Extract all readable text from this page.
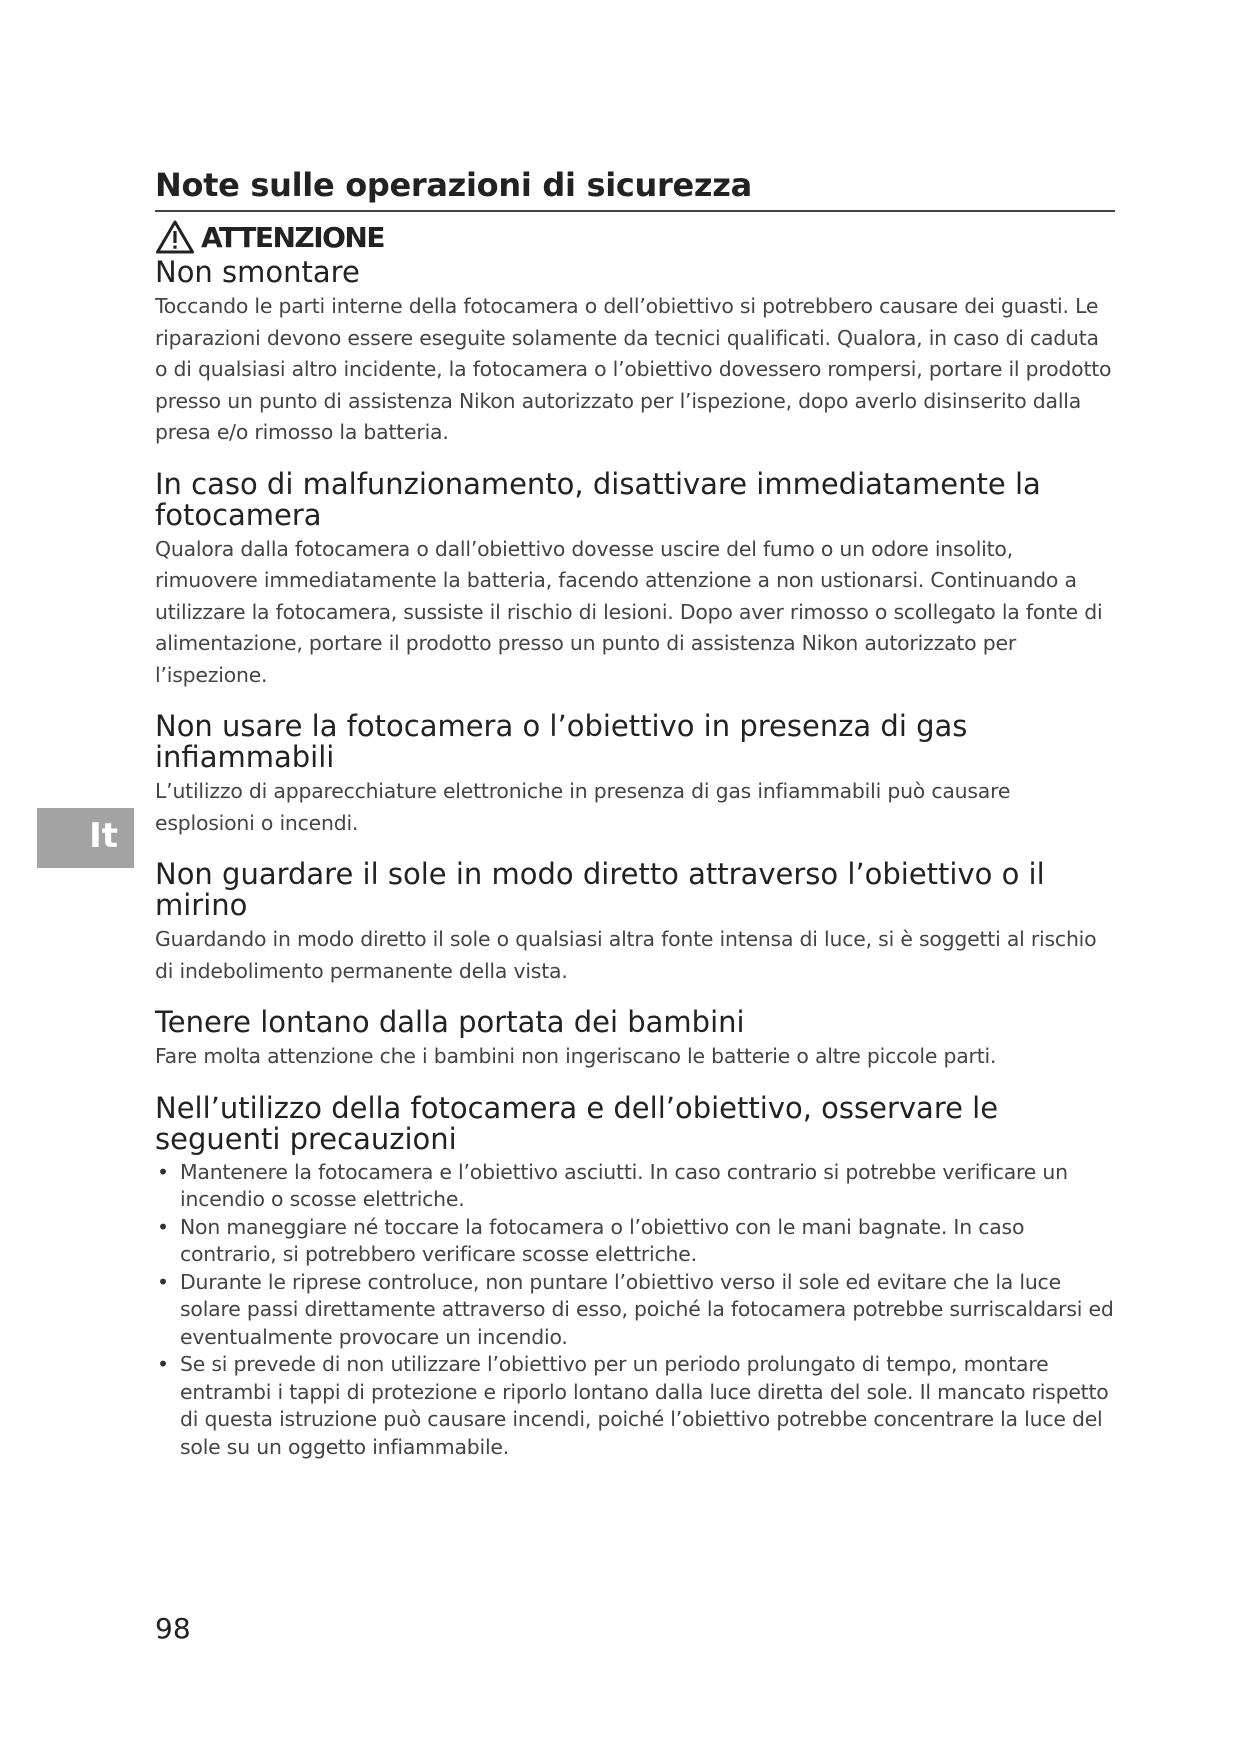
Note sulle operazioni di sicurezza
ATTENZIONE
Non smontare

Toccando le parti interne della fotocamera o dell’obiettivo si potrebbero causare dei guasti. Le riparazioni devono essere eseguite solamente da tecnici qualificati. Qualora, in caso di caduta o di qualsiasi altro incidente, la fotocamera o l’obiettivo dovessero rompersi, portare il prodotto presso un punto di assistenza Nikon autorizzato per l’ispezione, dopo averlo disinserito dalla presa e/o rimosso la batteria.

In caso di malfunzionamento, disattivare immediatamente la fotocamera

Qualora dalla fotocamera o dall’obiettivo dovesse uscire del fumo o un odore insolito, rimuovere immediatamente la batteria, facendo attenzione a non ustionarsi. Continuando a utilizzare la fotocamera, sussiste il rischio di lesioni. Dopo aver rimosso o scollegato la fonte di alimentazione, portare il prodotto presso un punto di assistenza Nikon autorizzato per l’ispezione.

Non usare la fotocamera o l’obiettivo in presenza di gas infiammabili

L’utilizzo di apparecchiature elettroniche in presenza di gas infiammabili può causare esplosioni o incendi.

Non guardare il sole in modo diretto attraverso l’obiettivo o il mirino

Guardando in modo diretto il sole o qualsiasi altra fonte intensa di luce, si è soggetti al rischio di indebolimento permanente della vista.

Tenere lontano dalla portata dei bambini

Fare molta attenzione che i bambini non ingeriscano le batterie o altre piccole parti.

Nell’utilizzo della fotocamera e dell’obiettivo, osservare le seguenti precauzioni
• Mantenere la fotocamera e l’obiettivo asciutti. In caso contrario si potrebbe verificare un incendio o scosse elettriche.
• Non maneggiare né toccare la fotocamera o l’obiettivo con le mani bagnate. In caso contrario, si potrebbero verificare scosse elettriche.
• Durante le riprese controluce, non puntare l’obiettivo verso il sole ed evitare che la luce solare passi direttamente attraverso di esso, poiché la fotocamera potrebbe surriscaldarsi ed eventualmente provocare un incendio.
• Se si prevede di non utilizzare l’obiettivo per un periodo prolungato di tempo, montare entrambi i tappi di protezione e riporlo lontano dalla luce diretta del sole. Il mancato rispetto di questa istruzione può causare incendi, poiché l’obiettivo potrebbe concentrare la luce del sole su un oggetto infiammabile.
It
98
